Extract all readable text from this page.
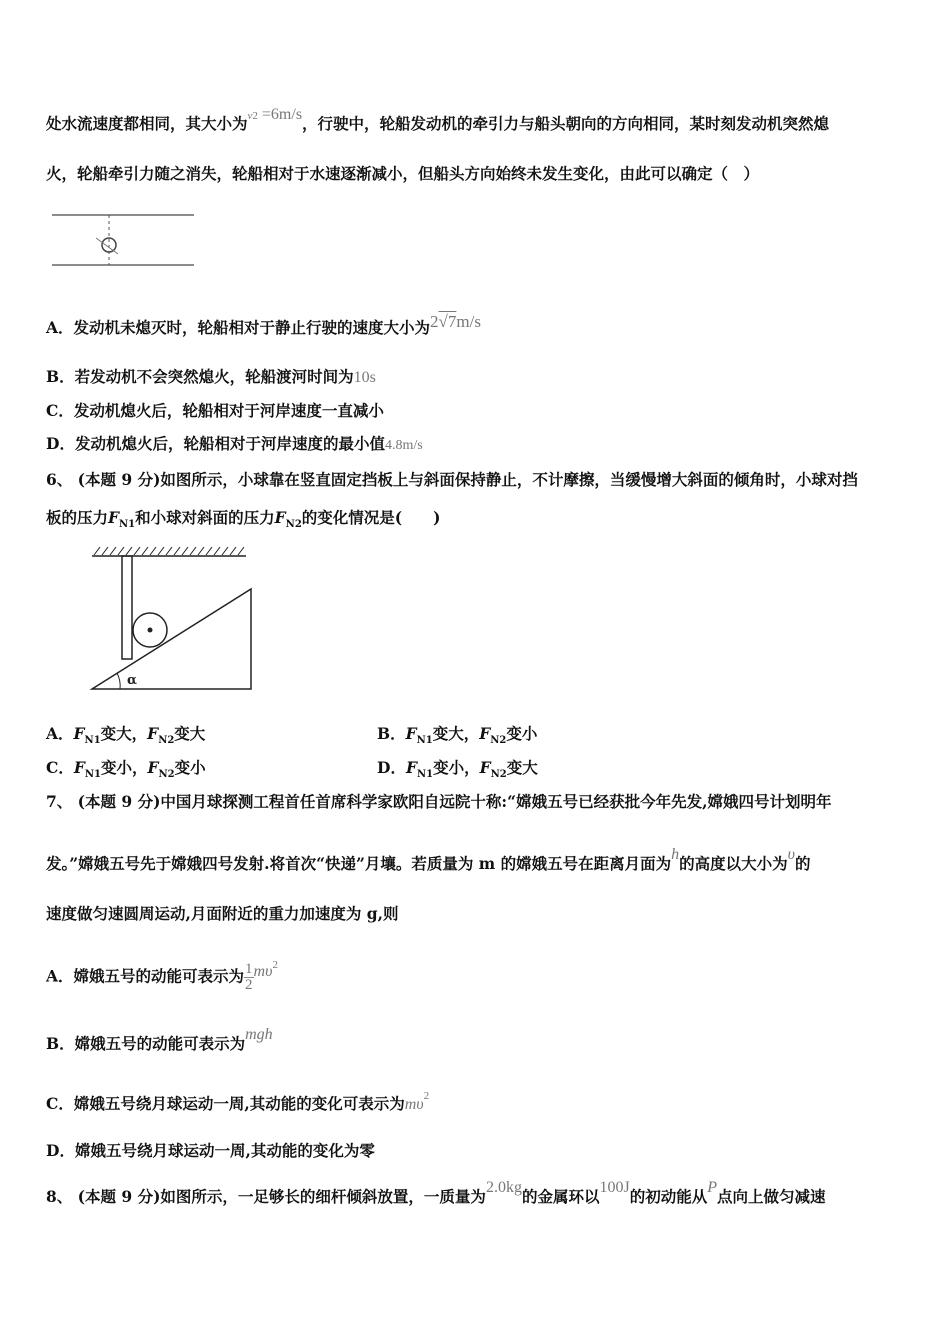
处水流速度都相同，其大小为v2 =6m/s，行驶中，轮船发动机的牵引力与船头朝向的方向相同，某时刻发动机突然熄
火，轮船牵引力随之消失，轮船相对于水速逐渐减小，但船头方向始终未发生变化，由此可以确定（　）
A．发动机未熄灭时，轮船相对于静止行驶的速度大小为2√7m/s
B．若发动机不会突然熄火，轮船渡河时间为10s
C．发动机熄火后，轮船相对于河岸速度一直减小
D．发动机熄火后，轮船相对于河岸速度的最小值4.8m/s
6、 (本题 9 分)如图所示，小球靠在竖直固定挡板上与斜面保持静止，不计摩擦，当缓慢增大斜面的倾角时，小球对挡
板的压力$F_{N1}$和小球对斜面的压力$F_{N2}$的变化情况是(　　)
α
A．$F_{N1}$变大，$F_{N2}$变大	B．$F_{N1}$变大，$F_{N2}$变小
C．$F_{N1}$变小，$F_{N2}$变小	D．$F_{N1}$变小，$F_{N2}$变大
7、 (本题 9 分)中国月球探测工程首任首席科学家欧阳自远院十称:“嫦娥五号已经获批今年先发,嫦娥四号计划明年
发。”嫦娥五号先于嫦娥四号发射.将首次“快递”月壤。若质量为 m 的嫦娥五号在距离月面为h的高度以大小为υ的
速度做匀速圆周运动,月面附近的重力加速度为 g,则
A．嫦娥五号的动能可表示为 $\frac{1}{2} m\upsilon^2$
B．嫦娥五号的动能可表示为mgh
C．嫦娥五号绕月球运动一周,其动能的变化可表示为$m\upsilon^2$
D．嫦娥五号绕月球运动一周,其动能的变化为零
8、 (本题 9 分)如图所示，一足够长的细杆倾斜放置，一质量为2.0kg的金属环以100J的初动能从P点向上做匀减速
